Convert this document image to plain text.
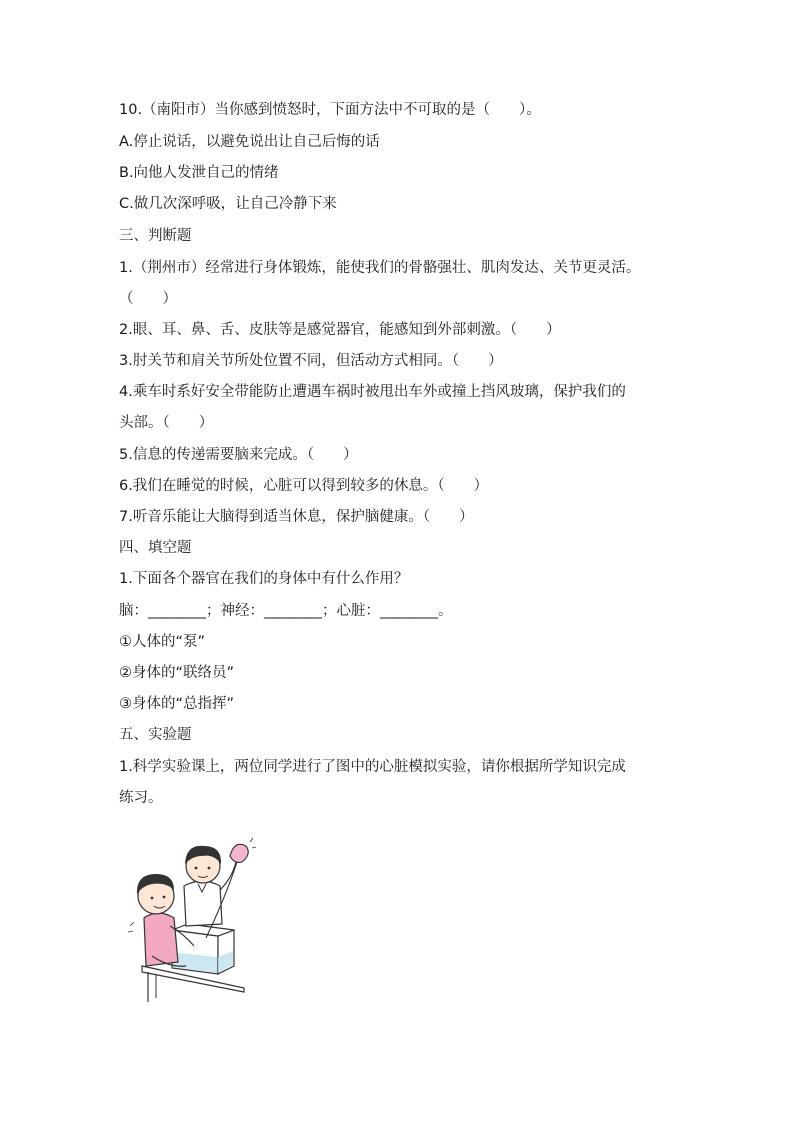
10.（南阳市）当你感到愤怒时，下面方法中不可取的是（　　）。
A.停止说话，以避免说出让自己后悔的话
B.向他人发泄自己的情绪
C.做几次深呼吸，让自己冷静下来
三、判断题
1.（荆州市）经常进行身体锻炼，能使我们的骨骼强壮、肌肉发达、关节更灵活。
（　　）
2.眼、耳、鼻、舌、皮肤等是感觉器官，能感知到外部刺激。（　　）
3.肘关节和肩关节所处位置不同，但活动方式相同。（　　）
4.乘车时系好安全带能防止遭遇车祸时被甩出车外或撞上挡风玻璃，保护我们的
头部。（　　）
5.信息的传递需要脑来完成。（　　）
6.我们在睡觉的时候，心脏可以得到较多的休息。（　　）
7.听音乐能让大脑得到适当休息，保护脑健康。（　　）
四、填空题
1.下面各个器官在我们的身体中有什么作用？
脑：________；神经：________；心脏：________。
①人体的“泵”
②身体的“联络员”
③身体的“总指挥”
五、实验题
1.科学实验课上，两位同学进行了图中的心脏模拟实验，请你根据所学知识完成
练习。
